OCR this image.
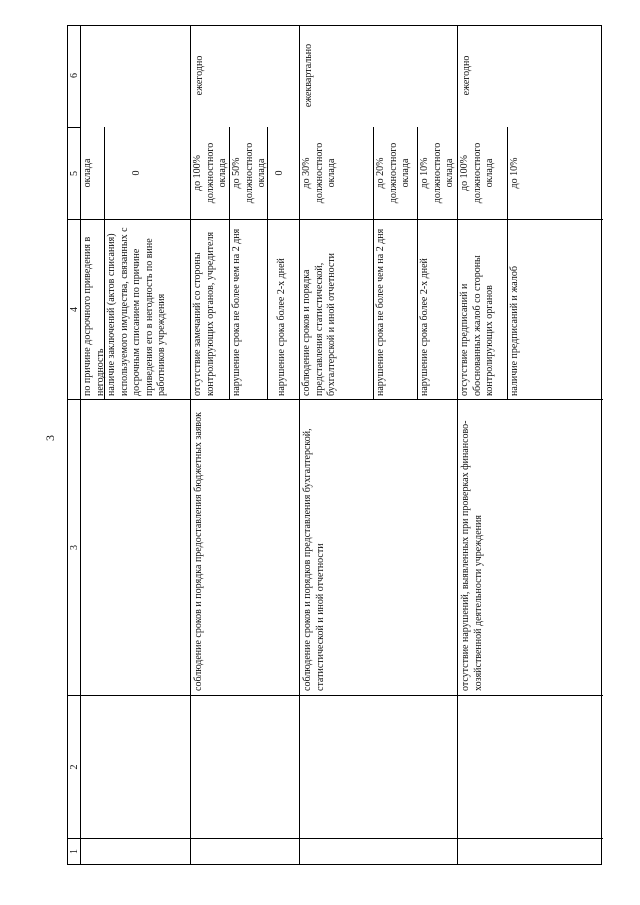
3
1
2
3
4
5
6
по причине досрочного приведения в негодность
оклада
наличие заключений (актов списания) используемого имущества, связанных с досрочным списанием по причине приведения его в негодность по вине работников учреждения
0
соблюдение сроков и порядка предоставления бюджетных заявок
отсутствие замечаний со стороны контролирующих органов, учредителя
до 100% должностного оклада
нарушение срока не более чем на 2 дня
до 50% должностного оклада
нарушение срока более 2-х дней
0
ежегодно
соблюдение сроков и порядков представления бухгалтерской, статистической и иной отчетности
соблюдение сроков и порядка представления статистической, бухгалтерской и иной отчетности
до 30% должностного оклада
нарушение срока не более чем на 2 дня
до 20% должностного оклада
нарушение срока более 2-х дней
до 10% должностного оклада
ежеквартально
отсутствие нарушений, выявленных при проверках финансово-хозяйственной деятельности учреждения
отсутствие предписаний и обоснованных жалоб со стороны контролирующих органов
до 100% должностного оклада
наличие предписаний и жалоб
до 10%
ежегодно
